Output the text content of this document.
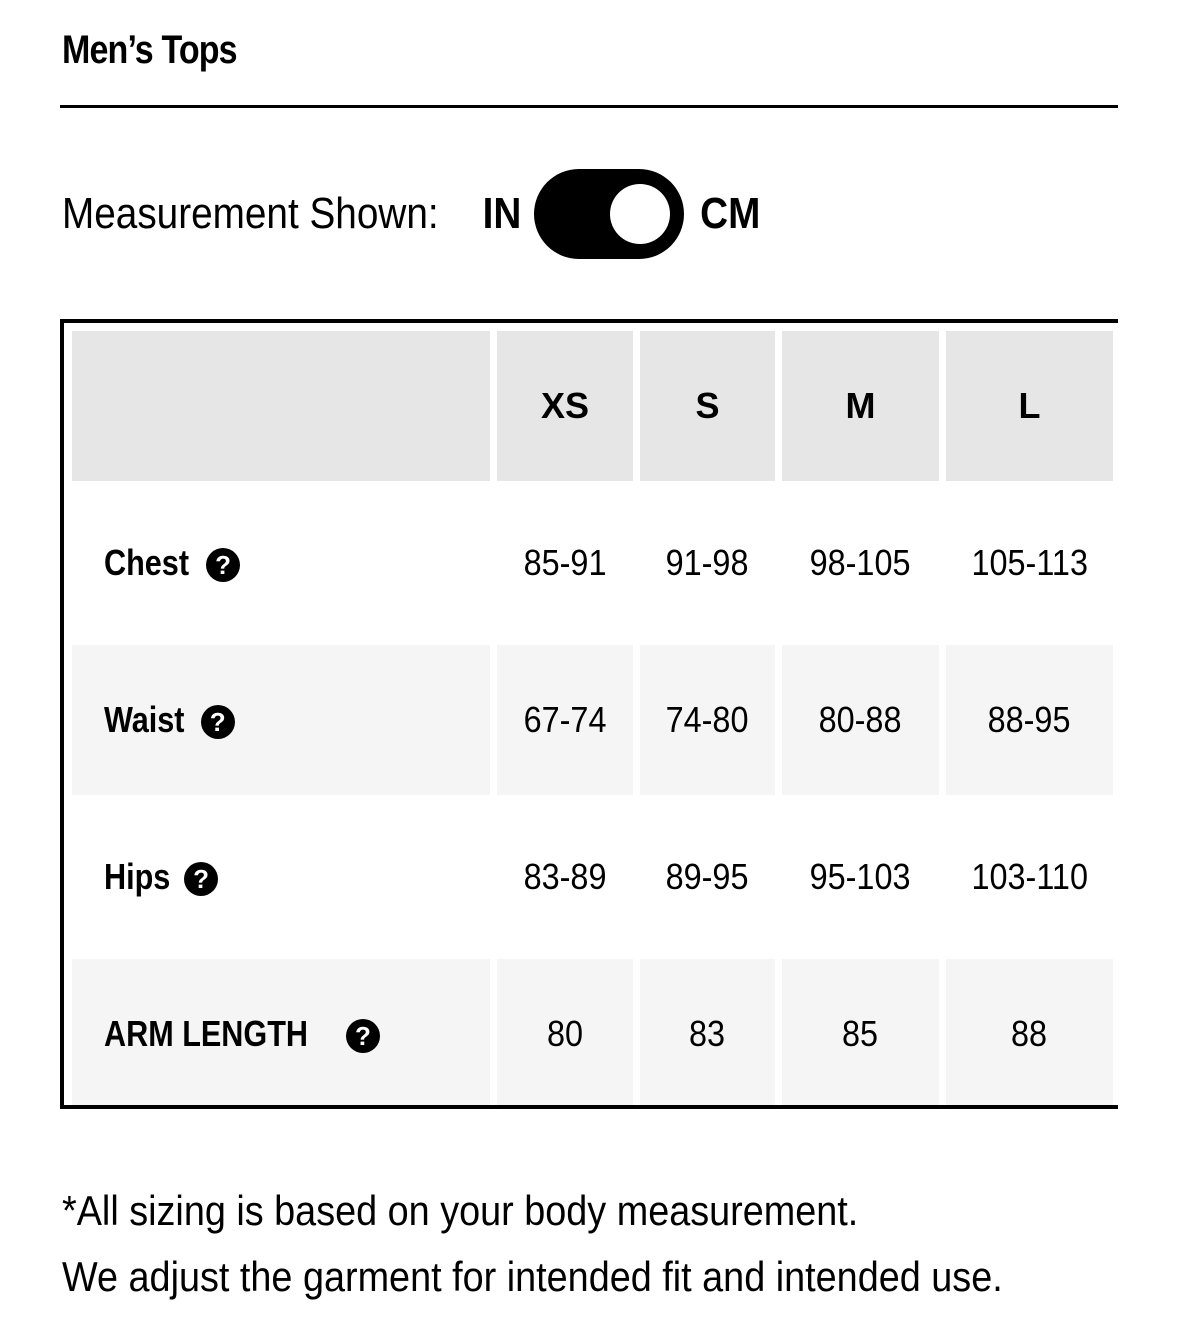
Men’s Tops
Measurement Shown: IN	CM
	XS	S	M	L	
Chest ?	85-91	91-98	98-105	105-113	
Waist ?	67-74	74-80	80-88	88-95	
Hips ?	83-89	89-95	95-103	103-110	
ARM LENGTH ?	80	83	85	88	
*All sizing is based on your body measurement.
We adjust the garment for intended fit and intended use.
